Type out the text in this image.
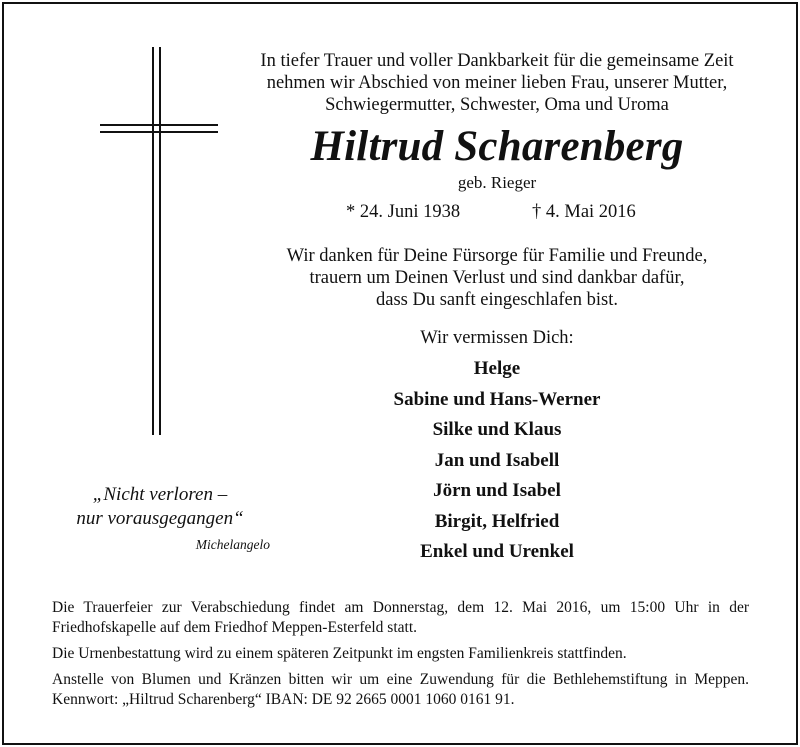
In tiefer Trauer und voller Dankbarkeit für die gemeinsame Zeit
nehmen wir Abschied von meiner lieben Frau, unserer Mutter,
Schwiegermutter, Schwester, Oma und Uroma
Hiltrud Scharenberg
geb. Rieger
* 24. Juni 1938	† 4. Mai 2016
Wir danken für Deine Fürsorge für Familie und Freunde,
trauern um Deinen Verlust und sind dankbar dafür,
dass Du sanft eingeschlafen bist.
Wir vermissen Dich:
Helge
Sabine und Hans-Werner
Silke und Klaus
Jan und Isabell
Jörn und Isabel
Birgit, Helfried
Enkel und Urenkel
„Nicht verloren –
nur vorausgegangen“
Michelangelo

Die Trauerfeier zur Verabschiedung findet am Donnerstag, dem 12. Mai 2016, um 15:00 Uhr in der Friedhofskapelle auf dem Friedhof Meppen-Esterfeld statt.

Die Urnenbestattung wird zu einem späteren Zeitpunkt im engsten Familienkreis stattfinden.

Anstelle von Blumen und Kränzen bitten wir um eine Zuwendung für die Bethlehemstiftung in Meppen. Kennwort: „Hiltrud Scharenberg“ IBAN: DE 92 2665 0001 1060 0161 91.
